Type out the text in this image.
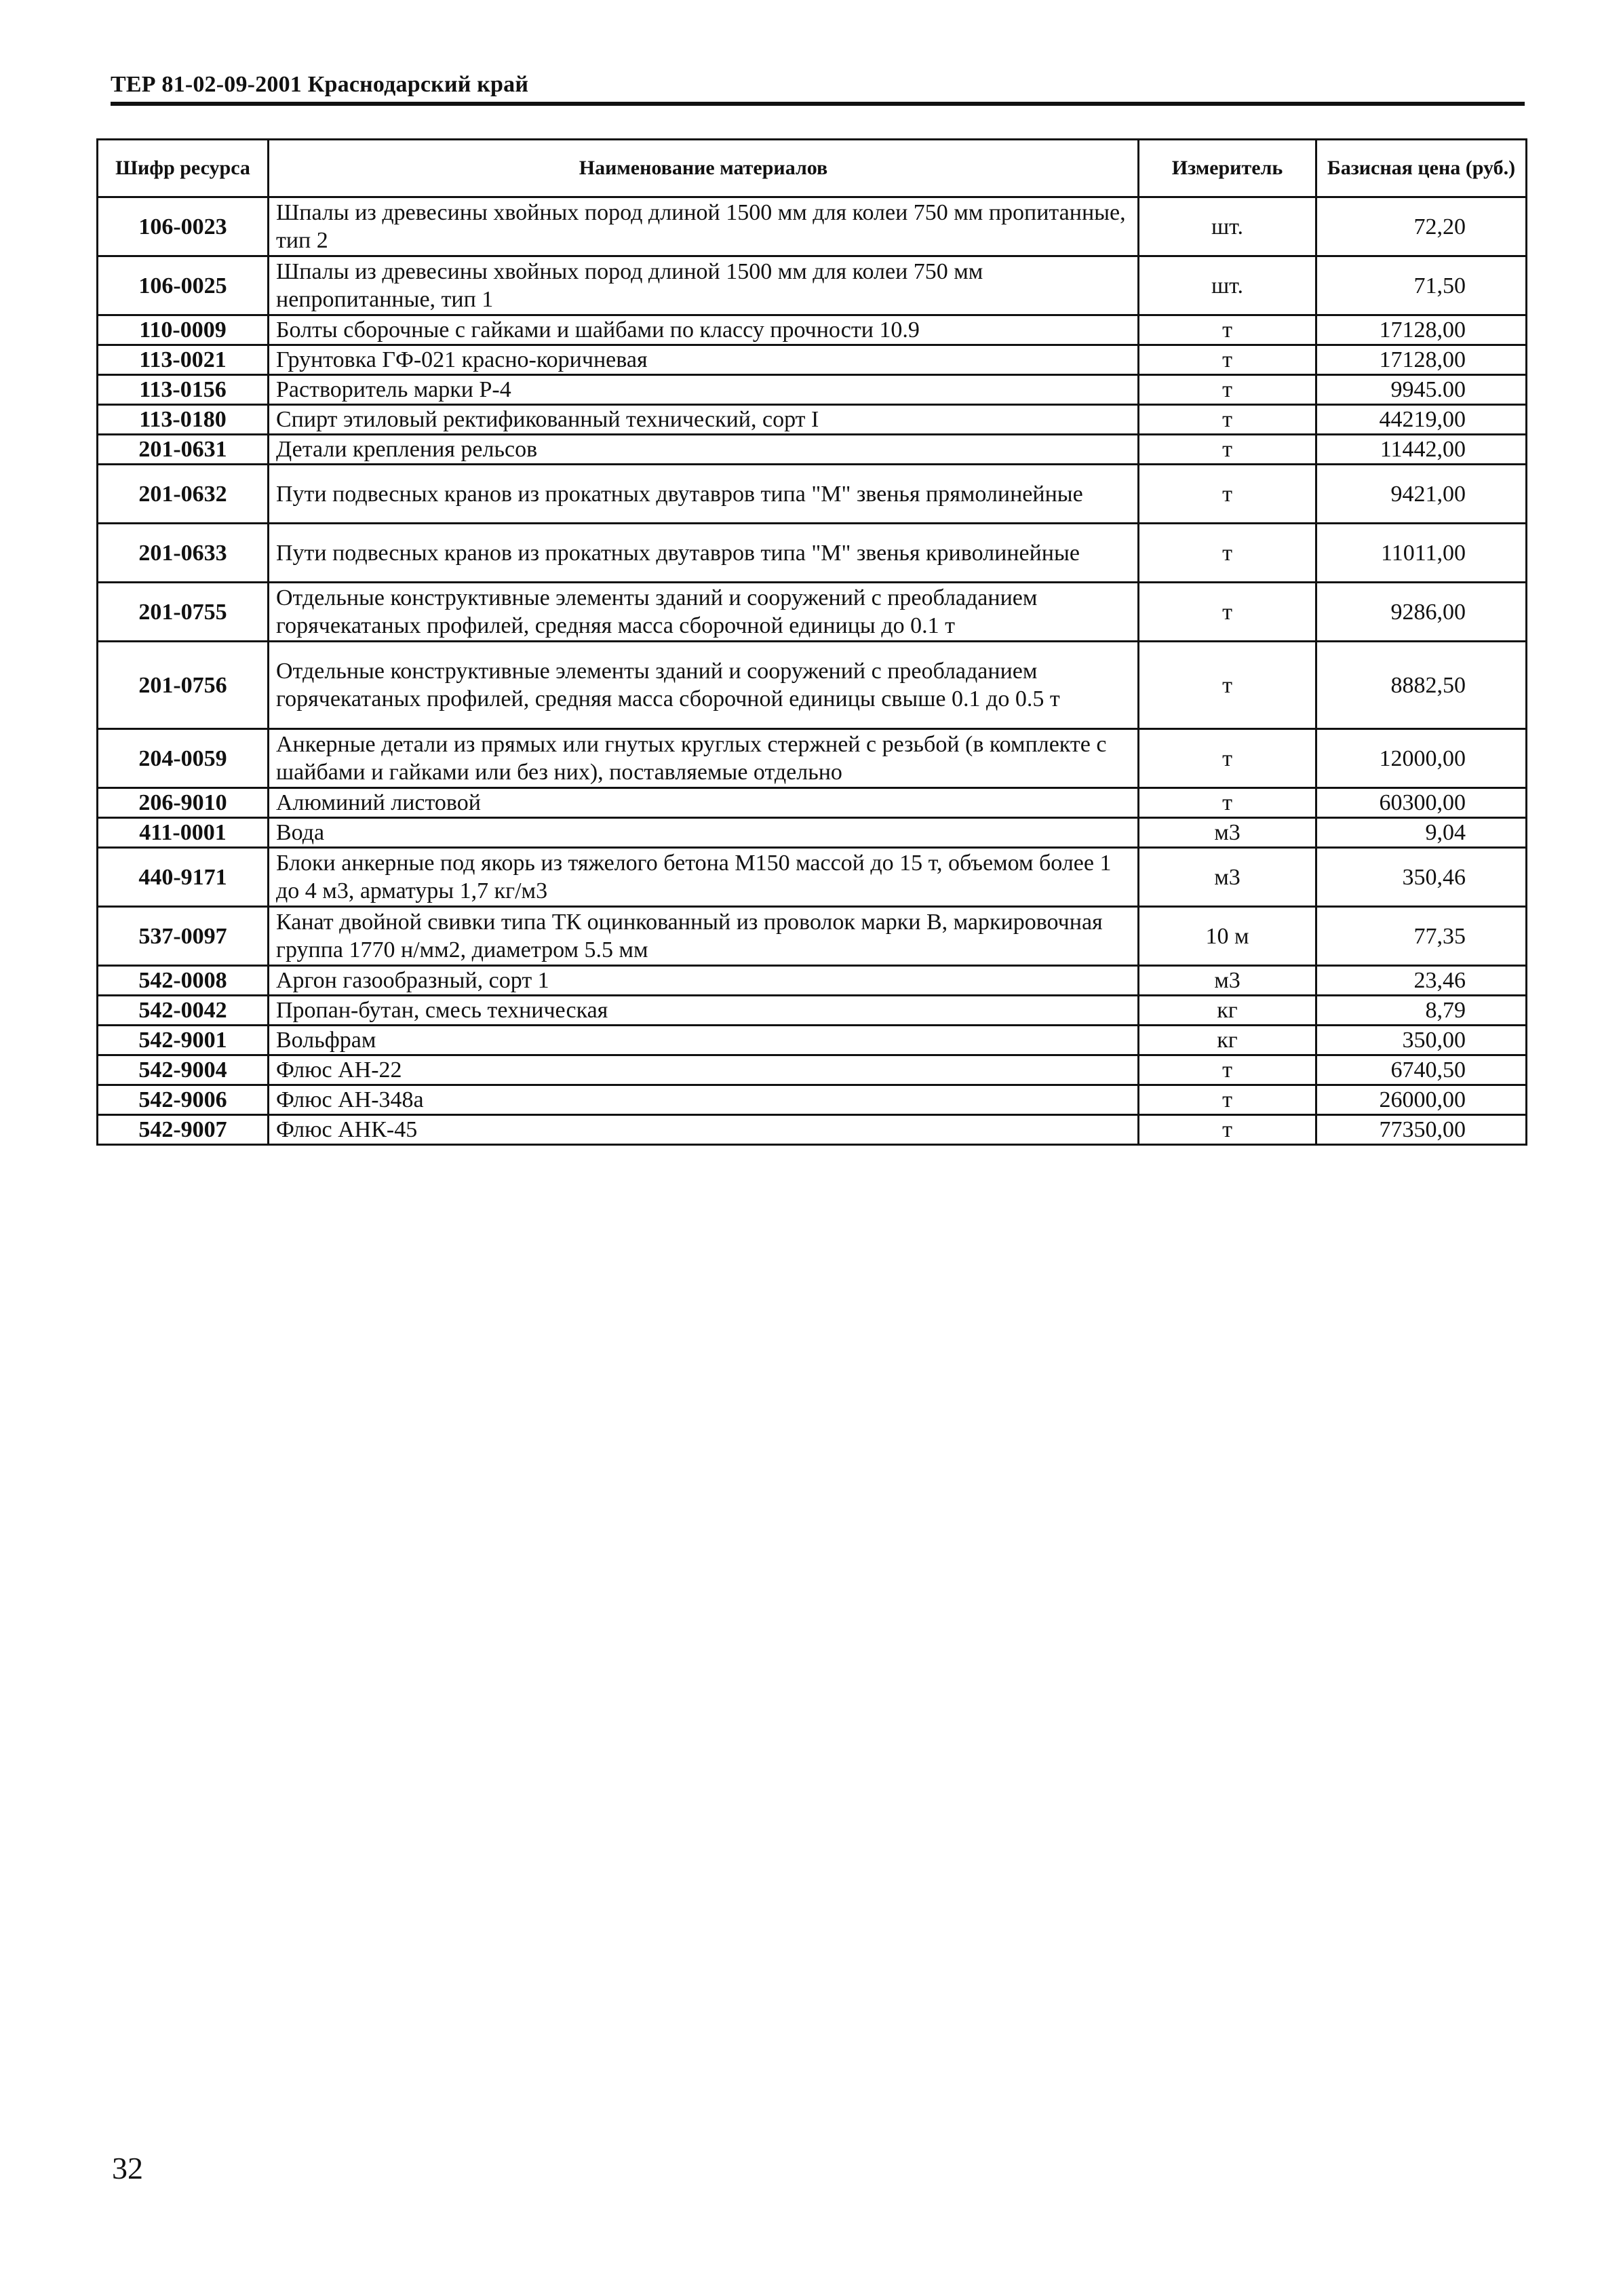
ТЕР 81-02-09-2001 Краснодарский край
Шифр ресурса	Наименование материалов	Измеритель	Базисная цена (руб.)
106-0023	Шпалы из древесины хвойных пород длиной 1500 мм для колеи 750 мм пропитанные, тип 2	шт.	72,20
106-0025	Шпалы из древесины хвойных пород длиной 1500 мм для колеи 750 мм непропитанные, тип 1	шт.	71,50
110-0009	Болты сборочные с гайками и шайбами по классу прочности 10.9	т	17128,00
113-0021	Грунтовка ГФ-021 красно-коричневая	т	17128,00
113-0156	Растворитель марки Р-4	т	9945.00
113-0180	Спирт этиловый ректификованный технический, сорт I	т	44219,00
201-0631	Детали крепления рельсов	т	11442,00
201-0632	Пути подвесных кранов из прокатных двутавров типа "М" звенья прямолинейные	т	9421,00
201-0633	Пути подвесных кранов из прокатных двутавров типа "М" звенья криволинейные	т	11011,00
201-0755	Отдельные конструктивные элементы зданий и сооружений с преобладанием горячекатаных профилей, средняя масса сборочной единицы до 0.1 т	т	9286,00
201-0756	Отдельные конструктивные элементы зданий и сооружений с преобладанием горячекатаных профилей, средняя масса сборочной единицы свыше 0.1 до 0.5 т	т	8882,50
204-0059	Анкерные детали из прямых или гнутых круглых стержней с резьбой (в комплекте с шайбами и гайками или без них), поставляемые отдельно	т	12000,00
206-9010	Алюминий листовой	т	60300,00
411-0001	Вода	м3	9,04
440-9171	Блоки анкерные под якорь из тяжелого бетона М150 массой до 15 т, объемом более 1 до 4 м3, арматуры 1,7 кг/м3	м3	350,46
537-0097	Канат двойной свивки типа ТК оцинкованный из проволок марки В, маркировочная группа 1770 н/мм2, диаметром 5.5 мм	10 м	77,35
542-0008	Аргон газообразный, сорт 1	м3	23,46
542-0042	Пропан-бутан, смесь техническая	кг	8,79
542-9001	Вольфрам	кг	350,00
542-9004	Флюс АН-22	т	6740,50
542-9006	Флюс АН-348а	т	26000,00
542-9007	Флюс АНК-45	т	77350,00
32
